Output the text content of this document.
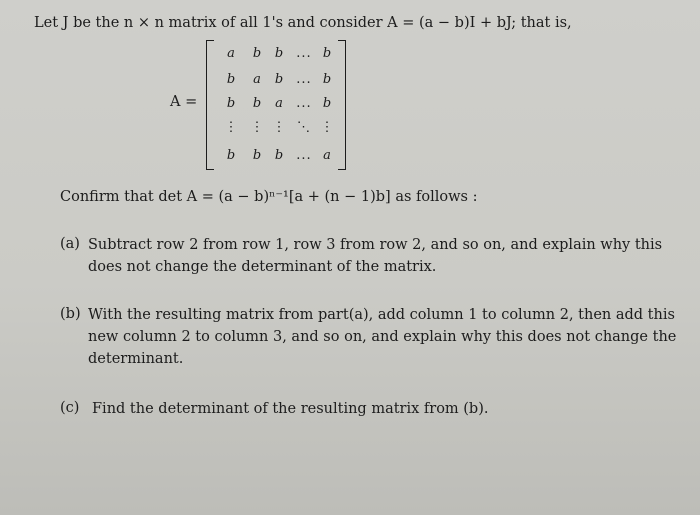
Let J be the n × n matrix of all 1's and consider A = (a − b)I + bJ; that is,
A =
a	b	b	... b
b	a	b	... b
b	b	a	... b
⋮ ⋮ ⋮ ⋱ ⋮
b	b	b	... a
Confirm that det A = (a − b)ⁿ⁻¹[a + (n − 1)b] as follows :
(a) Subtract row 2 from row 1, row 3 from row 2, and so on, and explain why this does not change the determinant of the matrix.
(b) With the resulting matrix from part(a), add column 1 to column 2, then add this new column 2 to column 3, and so on, and explain why this does not change the determinant.
(c) Find the determinant of the resulting matrix from (b).
